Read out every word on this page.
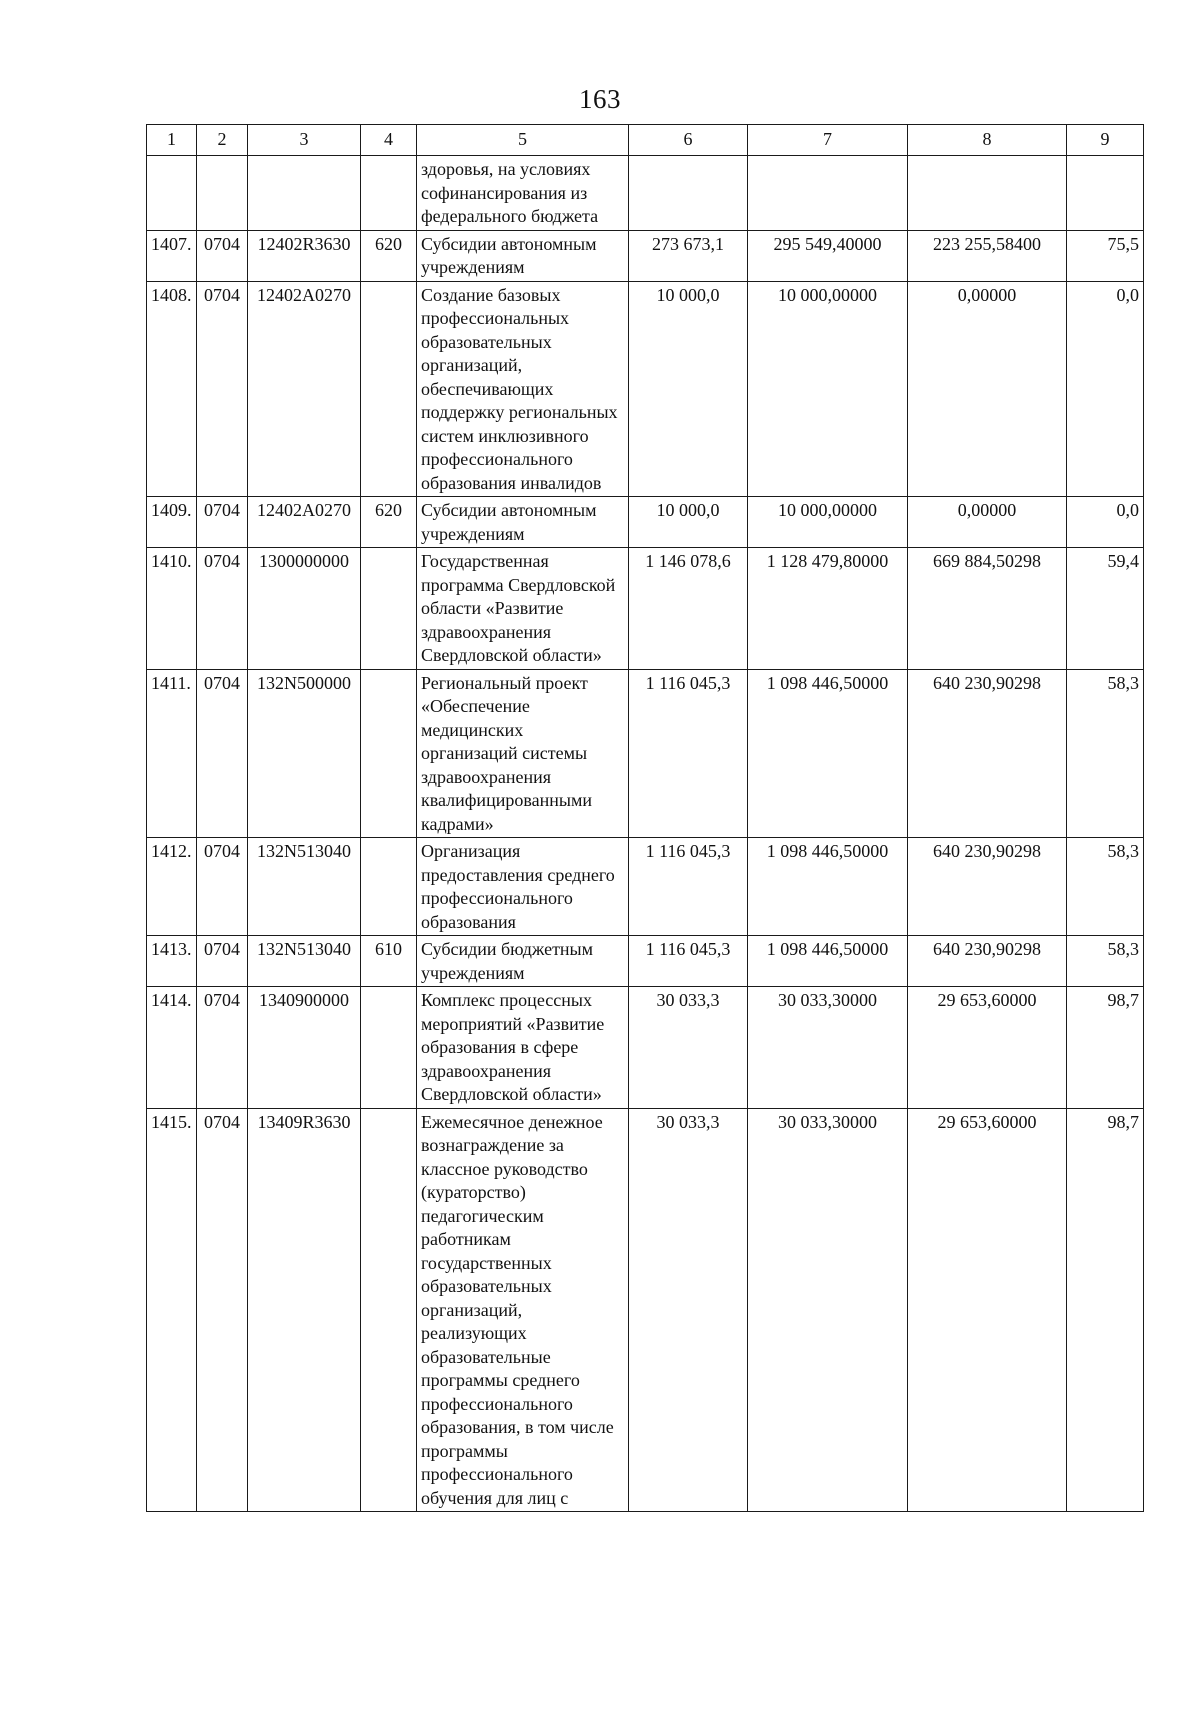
163
1	2	3	4	5	6	7	8	9
				здоровья, на условиях софинансирования из федерального бюджета				
1407.	0704	12402R3630	620	Субсидии автономным учреждениям	273 673,1	295 549,40000	223 255,58400	75,5
1408.	0704	12402A0270		Создание базовых профессиональных образовательных организаций, обеспечивающих поддержку региональных систем инклюзивного профессионального образования инвалидов	10 000,0	10 000,00000	0,00000	0,0
1409.	0704	12402A0270	620	Субсидии автономным учреждениям	10 000,0	10 000,00000	0,00000	0,0
1410.	0704	1300000000		Государственная программа Свердловской области «Развитие здравоохранения Свердловской области»	1 146 078,6	1 128 479,80000	669 884,50298	59,4
1411.	0704	132N500000		Региональный проект «Обеспечение медицинских организаций системы здравоохранения квалифицированными кадрами»	1 116 045,3	1 098 446,50000	640 230,90298	58,3
1412.	0704	132N513040		Организация предоставления среднего профессионального образования	1 116 045,3	1 098 446,50000	640 230,90298	58,3
1413.	0704	132N513040	610	Субсидии бюджетным учреждениям	1 116 045,3	1 098 446,50000	640 230,90298	58,3
1414.	0704	1340900000		Комплекс процессных мероприятий «Развитие образования в сфере здравоохранения Свердловской области»	30 033,3	30 033,30000	29 653,60000	98,7
1415.	0704	13409R3630		Ежемесячное денежное вознаграждение за классное руководство (кураторство) педагогическим работникам государственных образовательных организаций, реализующих образовательные программы среднего профессионального образования, в том числе программы профессионального обучения для лиц с	30 033,3	30 033,30000	29 653,60000	98,7
